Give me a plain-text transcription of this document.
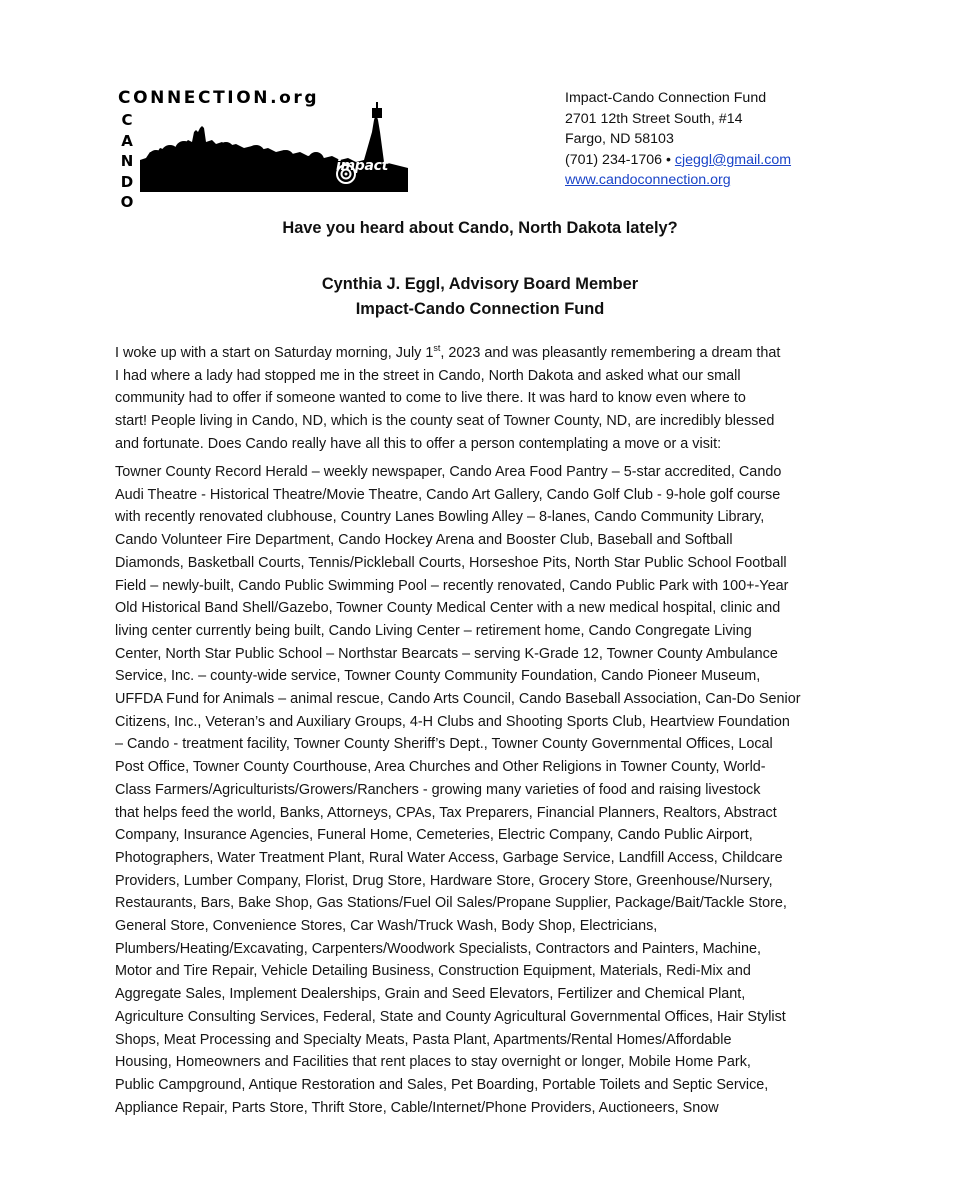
CONNECTION.org
C
A
N
D
O
impact
Impact-Cando Connection Fund
2701 12th Street South, #14
Fargo, ND 58103
(701) 234-1706 • cjeggl@gmail.com
www.candoconnection.org
Have you heard about Cando, North Dakota lately?
Cynthia J. Eggl, Advisory Board Member
Impact-Cando Connection Fund
I woke up with a start on Saturday morning, July 1st, 2023 and was pleasantly remembering a dream that
I had where a lady had stopped me in the street in Cando, North Dakota and asked what our small
community had to offer if someone wanted to come to live there. It was hard to know even where to
start! People living in Cando, ND, which is the county seat of Towner County, ND, are incredibly blessed
and fortunate. Does Cando really have all this to offer a person contemplating a move or a visit:
Towner County Record Herald – weekly newspaper, Cando Area Food Pantry – 5-star accredited, Cando
Audi Theatre - Historical Theatre/Movie Theatre, Cando Art Gallery, Cando Golf Club - 9-hole golf course
with recently renovated clubhouse, Country Lanes Bowling Alley – 8-lanes, Cando Community Library,
Cando Volunteer Fire Department, Cando Hockey Arena and Booster Club, Baseball and Softball
Diamonds, Basketball Courts, Tennis/Pickleball Courts, Horseshoe Pits, North Star Public School Football
Field – newly-built, Cando Public Swimming Pool – recently renovated, Cando Public Park with 100+-Year
Old Historical Band Shell/Gazebo, Towner County Medical Center with a new medical hospital, clinic and
living center currently being built, Cando Living Center – retirement home, Cando Congregate Living
Center, North Star Public School – Northstar Bearcats – serving K-Grade 12, Towner County Ambulance
Service, Inc. – county-wide service, Towner County Community Foundation, Cando Pioneer Museum,
UFFDA Fund for Animals – animal rescue, Cando Arts Council, Cando Baseball Association, Can-Do Senior
Citizens, Inc., Veteran’s and Auxiliary Groups, 4-H Clubs and Shooting Sports Club, Heartview Foundation
– Cando - treatment facility, Towner County Sheriff’s Dept., Towner County Governmental Offices, Local
Post Office, Towner County Courthouse, Area Churches and Other Religions in Towner County, World-
Class Farmers/Agriculturists/Growers/Ranchers - growing many varieties of food and raising livestock
that helps feed the world, Banks, Attorneys, CPAs, Tax Preparers, Financial Planners, Realtors, Abstract
Company, Insurance Agencies, Funeral Home, Cemeteries, Electric Company, Cando Public Airport,
Photographers, Water Treatment Plant, Rural Water Access, Garbage Service, Landfill Access, Childcare
Providers, Lumber Company, Florist, Drug Store, Hardware Store, Grocery Store, Greenhouse/Nursery,
Restaurants, Bars, Bake Shop, Gas Stations/Fuel Oil Sales/Propane Supplier, Package/Bait/Tackle Store,
General Store, Convenience Stores, Car Wash/Truck Wash, Body Shop, Electricians,
Plumbers/Heating/Excavating, Carpenters/Woodwork Specialists, Contractors and Painters, Machine,
Motor and Tire Repair, Vehicle Detailing Business, Construction Equipment, Materials, Redi-Mix and
Aggregate Sales, Implement Dealerships, Grain and Seed Elevators, Fertilizer and Chemical Plant,
Agriculture Consulting Services, Federal, State and County Agricultural Governmental Offices, Hair Stylist
Shops, Meat Processing and Specialty Meats, Pasta Plant, Apartments/Rental Homes/Affordable
Housing, Homeowners and Facilities that rent places to stay overnight or longer, Mobile Home Park,
Public Campground, Antique Restoration and Sales, Pet Boarding, Portable Toilets and Septic Service,
Appliance Repair, Parts Store, Thrift Store, Cable/Internet/Phone Providers, Auctioneers, Snow
